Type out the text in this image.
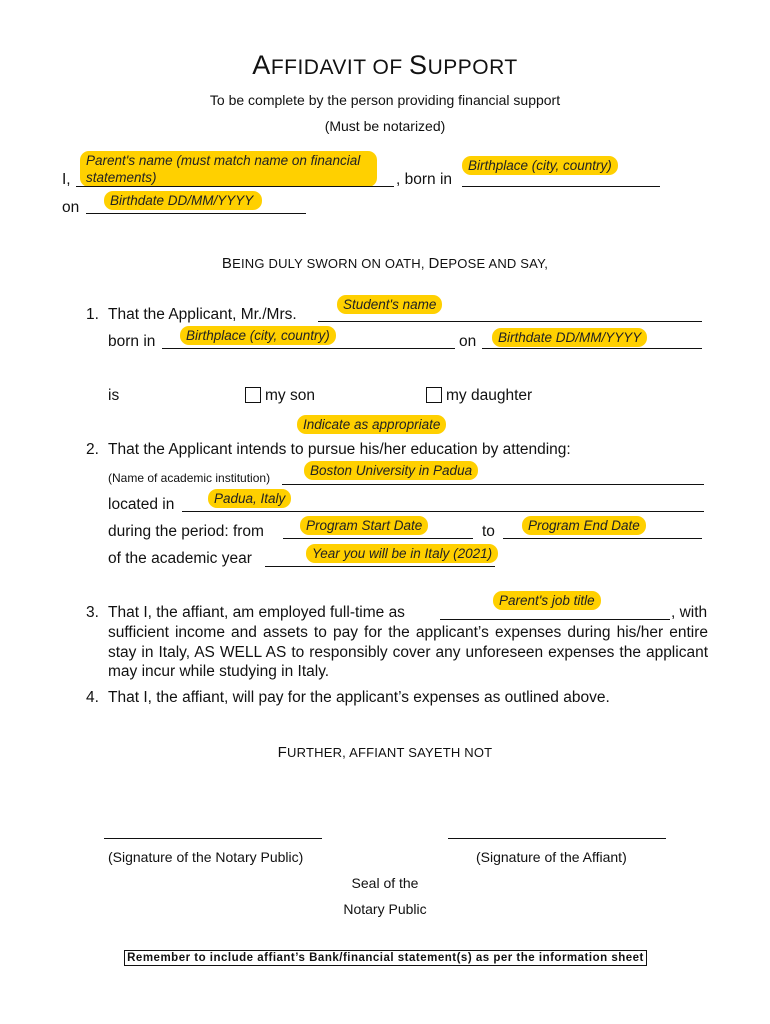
AFFIDAVIT OF SUPPORT
To be complete by the person providing financial support
(Must be notarized)
Parent's name (must match name on financial statements)
I,	, born in
Birthplace (city, country)
on	Birthdate DD/MM/YYYY
BEING DULY SWORN ON OATH, DEPOSE AND SAY,
1. That the Applicant, Mr./Mrs.
Student's name
born in	Birthplace (city, country)	on	Birthdate DD/MM/YYYY
is	my son	my daughter
Indicate as appropriate
2. That the Applicant intends to pursue his/her education by attending:
(Name of academic institution)	Boston University in Padua
located in	Padua, Italy
during the period: from	Program Start Date	to	Program End Date
of the academic year	Year you will be in Italy (2021)
3. That I, the affiant, am employed full-time as
Parent's job title
, with
sufficient income and assets to pay for the applicant’s expenses during his/her entire stay in Italy, AS WELL AS to responsibly cover any unforeseen expenses the applicant may incur while studying in Italy.
4. That I, the affiant, will pay for the applicant’s expenses as outlined above.
FURTHER, AFFIANT SAYETH NOT
(Signature of the Notary Public)	(Signature of the Affiant)
Seal of the
Notary Public
Remember to include affiant’s Bank/financial statement(s) as per the information sheet
